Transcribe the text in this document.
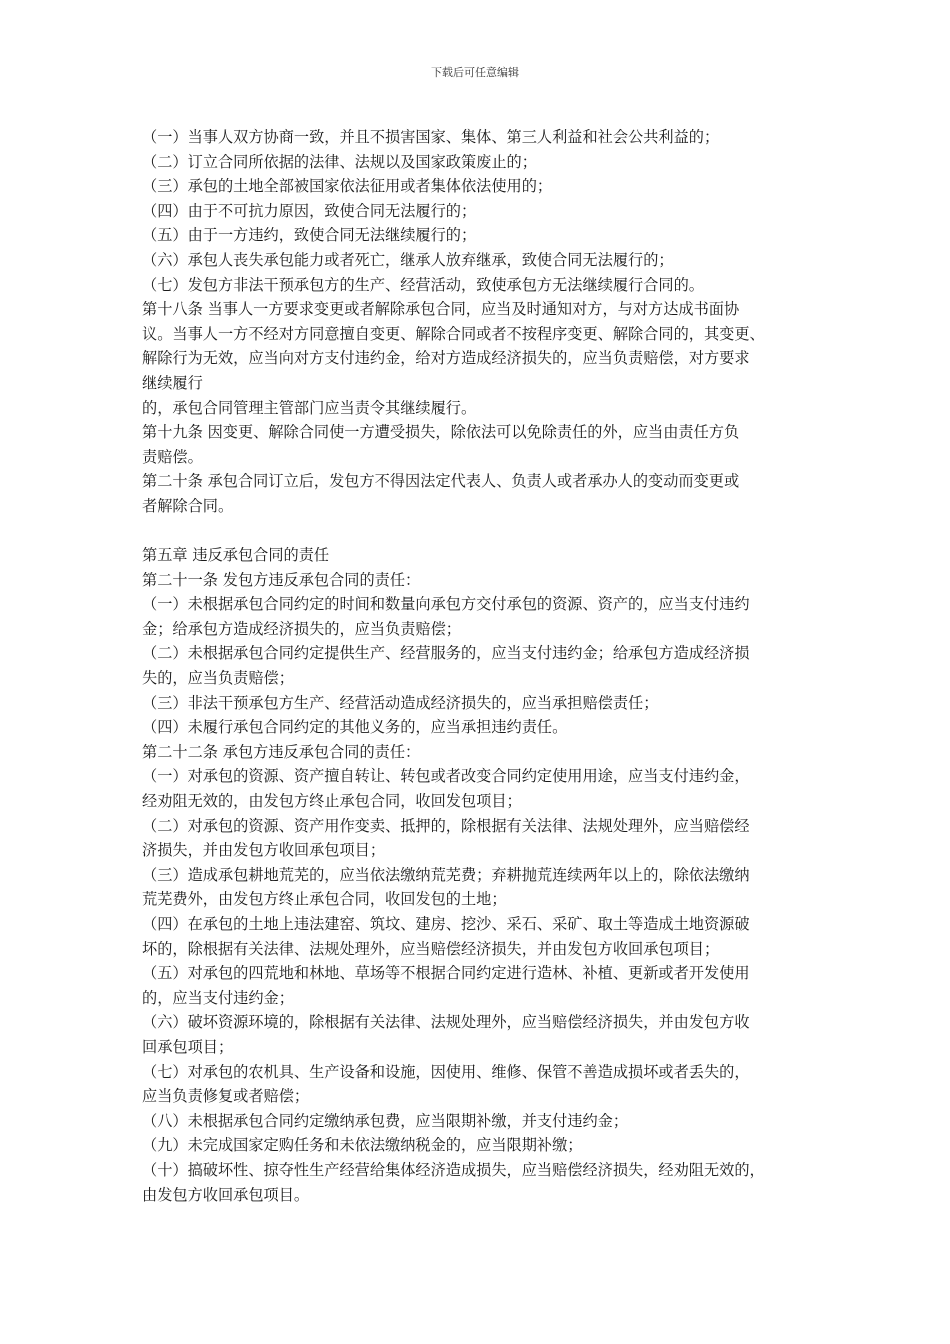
下载后可任意编辑
（一）当事人双方协商一致，并且不损害国家、集体、第三人利益和社会公共利益的；
（二）订立合同所依据的法律、法规以及国家政策废止的；
（三）承包的土地全部被国家依法征用或者集体依法使用的；
（四）由于不可抗力原因，致使合同无法履行的；
（五）由于一方违约，致使合同无法继续履行的；
（六）承包人丧失承包能力或者死亡，继承人放弃继承，致使合同无法履行的；
（七）发包方非法干预承包方的生产、经营活动，致使承包方无法继续履行合同的。
第十八条 当事人一方要求变更或者解除承包合同，应当及时通知对方，与对方达成书面协
议。当事人一方不经对方同意擅自变更、解除合同或者不按程序变更、解除合同的，其变更、
解除行为无效，应当向对方支付违约金，给对方造成经济损失的，应当负责赔偿，对方要求
继续履行
的，承包合同管理主管部门应当责令其继续履行。
第十九条 因变更、解除合同使一方遭受损失，除依法可以免除责任的外，应当由责任方负
责赔偿。
第二十条 承包合同订立后，发包方不得因法定代表人、负责人或者承办人的变动而变更或
者解除合同。
第五章 违反承包合同的责任
第二十一条 发包方违反承包合同的责任：
（一）未根据承包合同约定的时间和数量向承包方交付承包的资源、资产的，应当支付违约
金；给承包方造成经济损失的，应当负责赔偿；
（二）未根据承包合同约定提供生产、经营服务的，应当支付违约金；给承包方造成经济损
失的，应当负责赔偿；
（三）非法干预承包方生产、经营活动造成经济损失的，应当承担赔偿责任；
（四）未履行承包合同约定的其他义务的，应当承担违约责任。
第二十二条 承包方违反承包合同的责任：
（一）对承包的资源、资产擅自转让、转包或者改变合同约定使用用途，应当支付违约金，
经劝阻无效的，由发包方终止承包合同，收回发包项目；
（二）对承包的资源、资产用作变卖、抵押的，除根据有关法律、法规处理外，应当赔偿经
济损失，并由发包方收回承包项目；
（三）造成承包耕地荒芜的，应当依法缴纳荒芜费；弃耕抛荒连续两年以上的，除依法缴纳
荒芜费外，由发包方终止承包合同，收回发包的土地；
（四）在承包的土地上违法建窑、筑坟、建房、挖沙、采石、采矿、取土等造成土地资源破
坏的，除根据有关法律、法规处理外，应当赔偿经济损失，并由发包方收回承包项目；
（五）对承包的四荒地和林地、草场等不根据合同约定进行造林、补植、更新或者开发使用
的，应当支付违约金；
（六）破坏资源环境的，除根据有关法律、法规处理外，应当赔偿经济损失，并由发包方收
回承包项目；
（七）对承包的农机具、生产设备和设施，因使用、维修、保管不善造成损坏或者丢失的，
应当负责修复或者赔偿；
（八）未根据承包合同约定缴纳承包费，应当限期补缴，并支付违约金；
（九）未完成国家定购任务和未依法缴纳税金的，应当限期补缴；
（十）搞破坏性、掠夺性生产经营给集体经济造成损失，应当赔偿经济损失，经劝阻无效的，
由发包方收回承包项目。
